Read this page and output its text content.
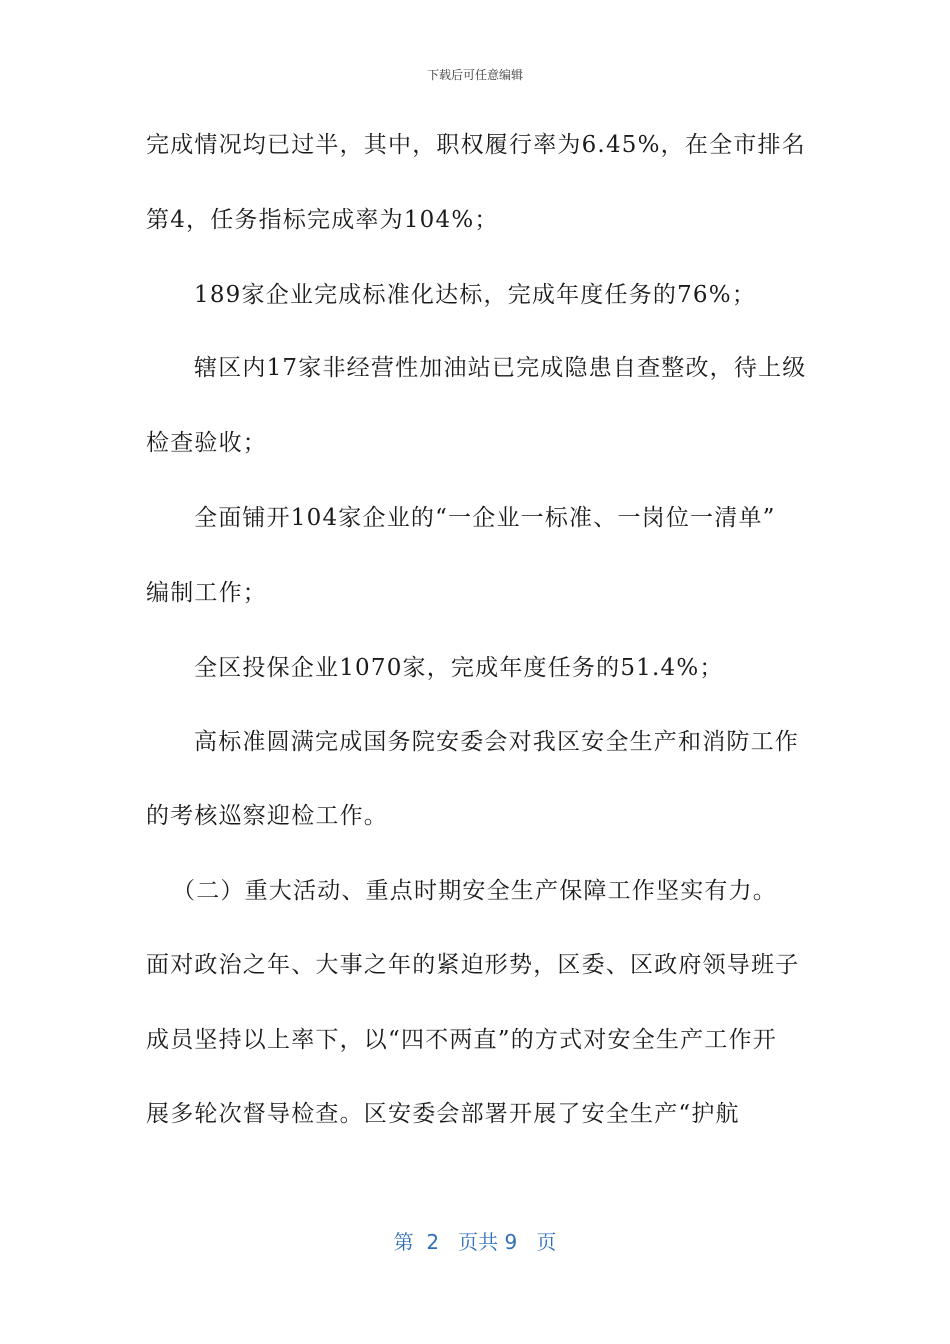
下载后可任意编辑
完成情况均已过半，其中，职权履行率为6.45%，在全市排名
第4，任务指标完成率为104%；
189家企业完成标准化达标，完成年度任务的76%；
辖区内17家非经营性加油站已完成隐患自查整改，待上级
检查验收；
全面铺开104家企业的“一企业一标准、一岗位一清单”
编制工作；
全区投保企业1070家，完成年度任务的51.4%；
高标准圆满完成国务院安委会对我区安全生产和消防工作
的考核巡察迎检工作。
（二）重大活动、重点时期安全生产保障工作坚实有力。
面对政治之年、大事之年的紧迫形势，区委、区政府领导班子
成员坚持以上率下，以“四不两直”的方式对安全生产工作开
展多轮次督导检查。区安委会部署开展了安全生产“护航
第  2   页共 9   页
